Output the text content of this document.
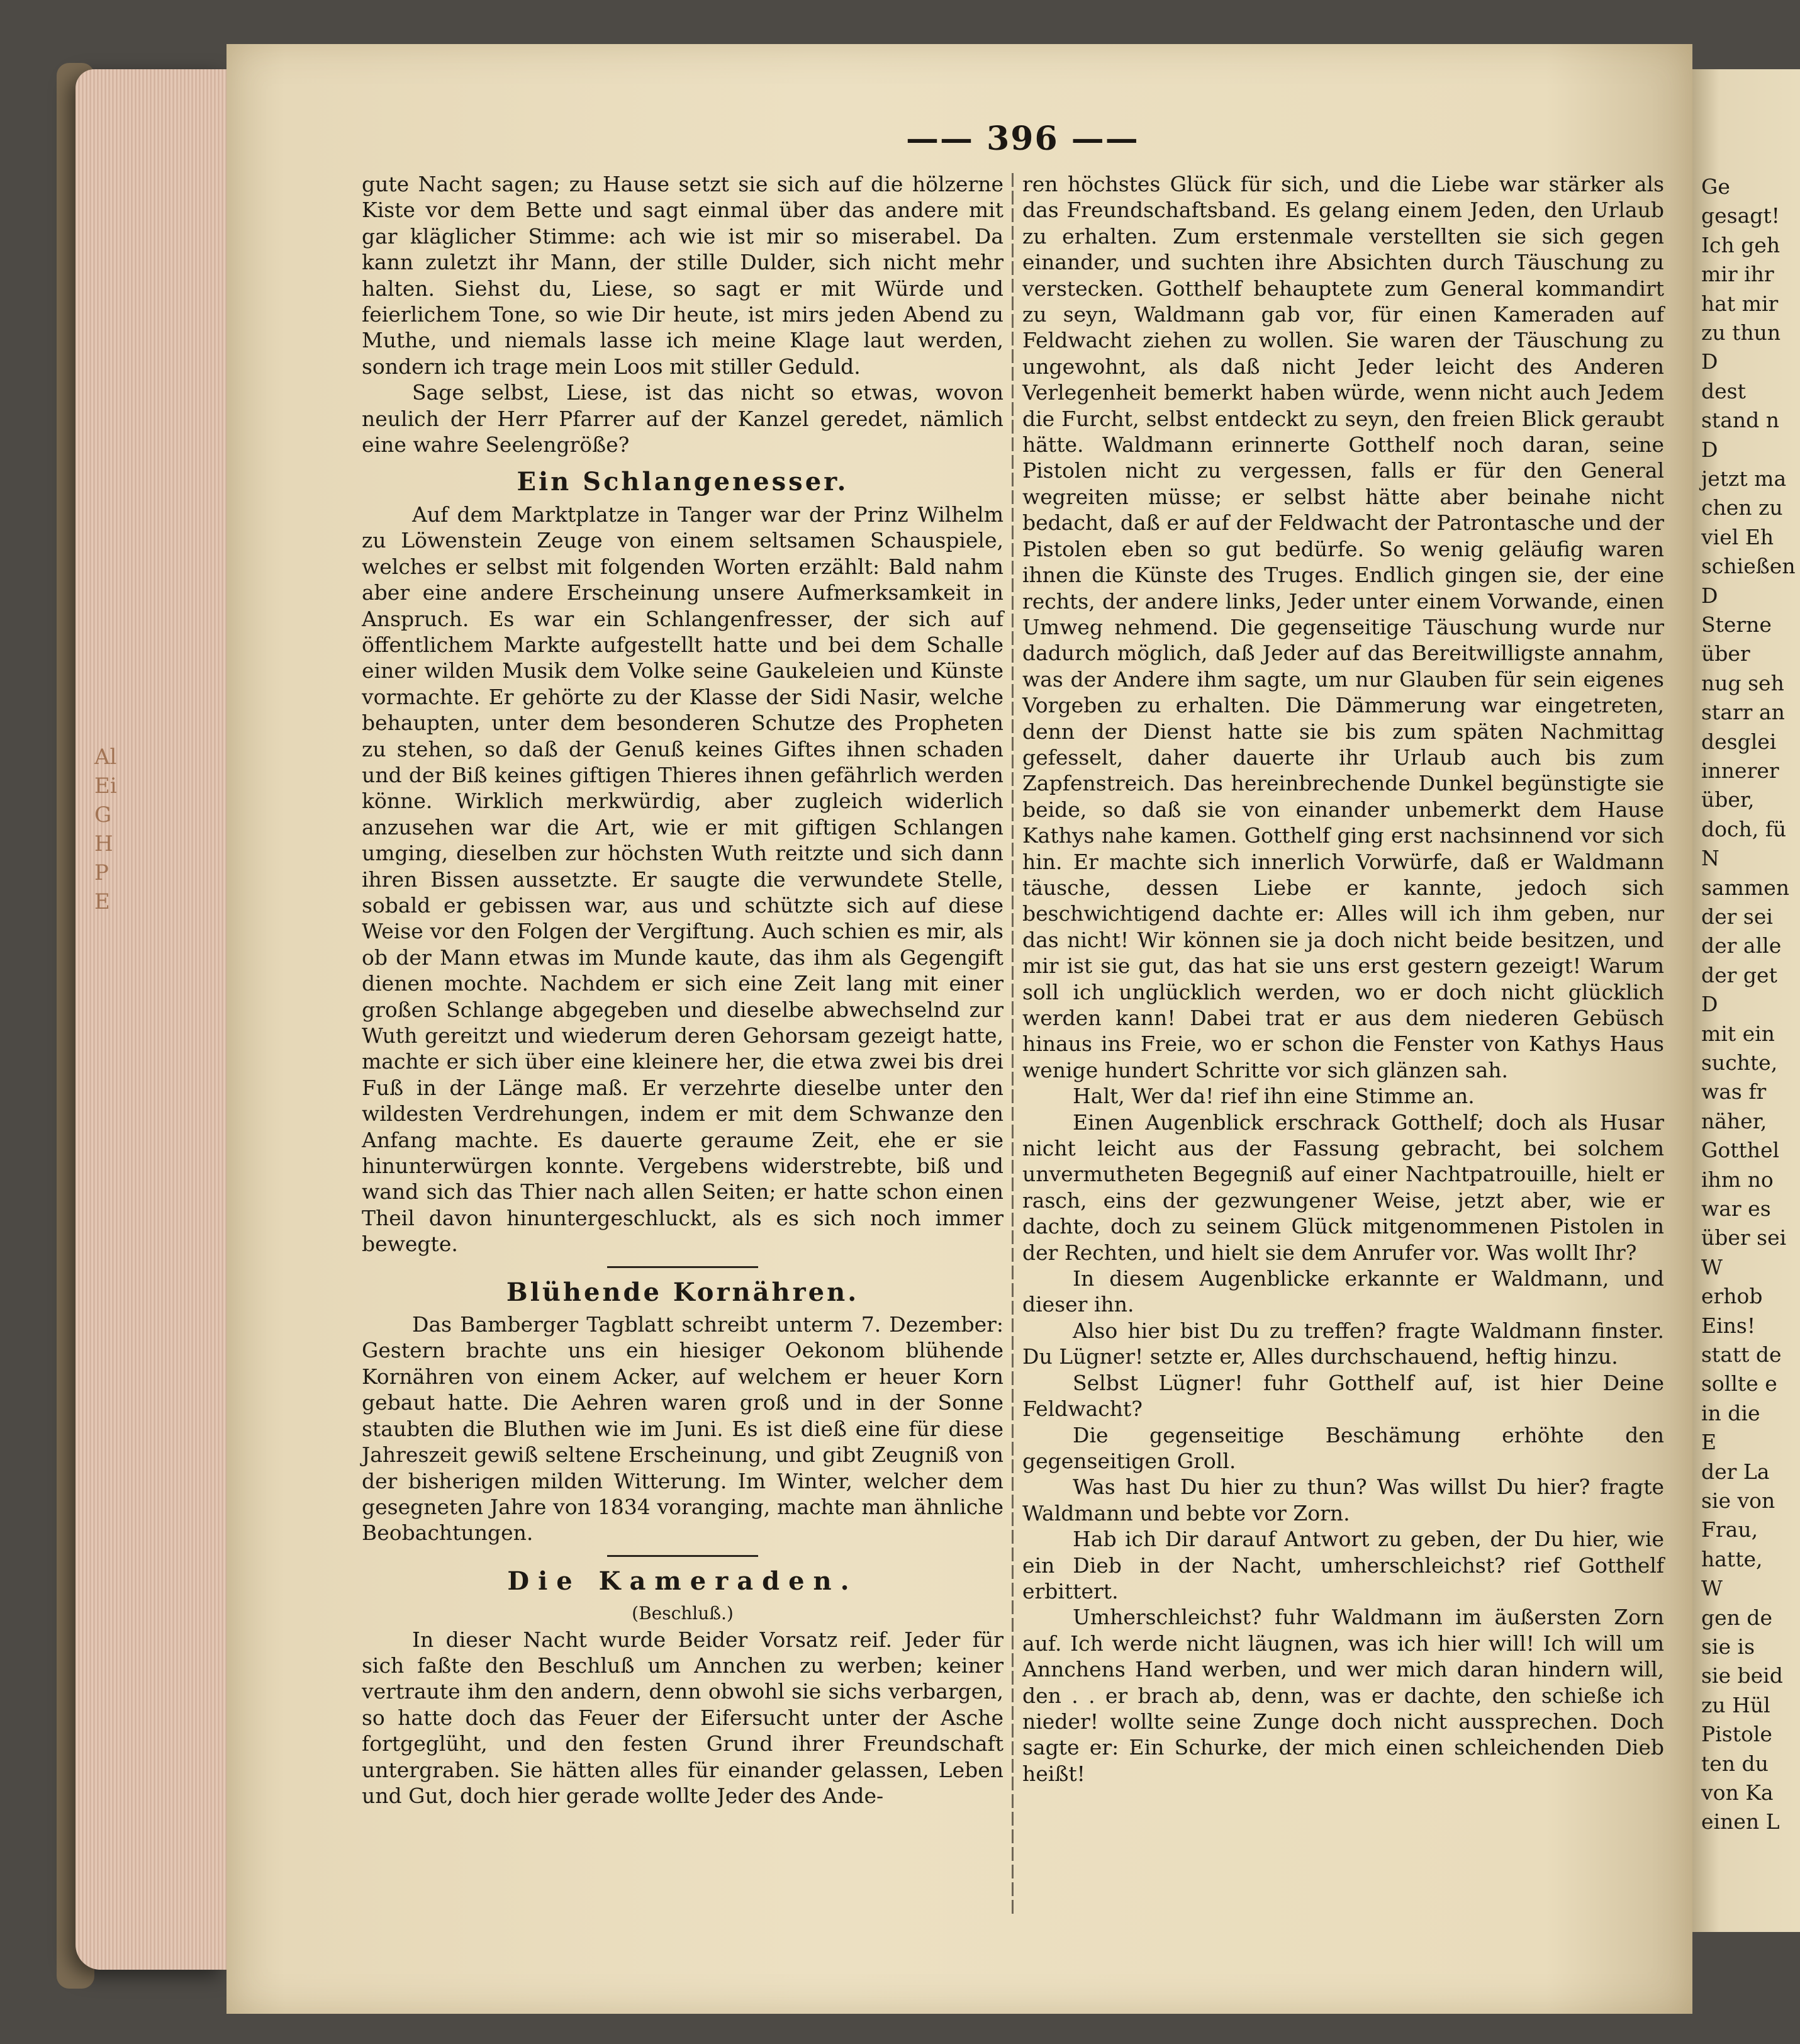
Al
Ei
G
H
P
E
Ge
gesagt!
Ich geh
mir ihr
hat mir
zu thun
D
dest
stand n
D
jetzt ma
chen zu
viel Eh
schießen
D
Sterne
über
nug seh
starr an
desglei
innerer
über,
doch, fü
N
sammen
der sei
der alle
der get
D
mit ein
suchte,
was fr
näher,
Gotthel
ihm no
war es
über sei
W
erhob
Eins!
statt de
sollte e
in die
E
der La
sie von
Frau,
hatte,
W
gen de
sie is
sie beid
zu Hül
Pistole
ten du
von Ka
einen L
—— 396 ——

gute Nacht sagen; zu Hause setzt sie sich auf die hölzerne Kiste vor dem Bette und sagt einmal über das andere mit gar kläglicher Stimme: ach wie ist mir so miserabel. Da kann zuletzt ihr Mann, der stille Dulder, sich nicht mehr halten. Siehst du, Liese, so sagt er mit Würde und feierlichem Tone, so wie Dir heute, ist mirs jeden Abend zu Muthe, und niemals lasse ich meine Klage laut werden, sondern ich trage mein Loos mit stiller Geduld.

Sage selbst, Liese, ist das nicht so etwas, wovon neulich der Herr Pfarrer auf der Kanzel geredet, nämlich eine wahre Seelengröße?

Ein Schlangenesser.

Auf dem Marktplatze in Tanger war der Prinz Wilhelm zu Löwenstein Zeuge von einem seltsamen Schauspiele, welches er selbst mit folgenden Worten erzählt: Bald nahm aber eine andere Erscheinung unsere Aufmerksamkeit in Anspruch. Es war ein Schlangenfresser, der sich auf öffentlichem Markte aufgestellt hatte und bei dem Schalle einer wilden Musik dem Volke seine Gaukeleien und Künste vormachte. Er gehörte zu der Klasse der Sidi Nasir, welche behaupten, unter dem besonderen Schutze des Propheten zu stehen, so daß der Genuß keines Giftes ihnen schaden und der Biß keines giftigen Thieres ihnen gefährlich werden könne. Wirklich merkwürdig, aber zugleich widerlich anzusehen war die Art, wie er mit giftigen Schlangen umging, dieselben zur höchsten Wuth reitzte und sich dann ihren Bissen aussetzte. Er saugte die verwundete Stelle, sobald er gebissen war, aus und schützte sich auf diese Weise vor den Folgen der Vergiftung. Auch schien es mir, als ob der Mann etwas im Munde kaute, das ihm als Gegengift dienen mochte. Nachdem er sich eine Zeit lang mit einer großen Schlange abgegeben und dieselbe abwechselnd zur Wuth gereitzt und wiederum deren Gehorsam gezeigt hatte, machte er sich über eine kleinere her, die etwa zwei bis drei Fuß in der Länge maß. Er verzehrte dieselbe unter den wildesten Verdrehungen, indem er mit dem Schwanze den Anfang machte. Es dauerte geraume Zeit, ehe er sie hinunterwürgen konnte. Vergebens widerstrebte, biß und wand sich das Thier nach allen Seiten; er hatte schon einen Theil davon hinuntergeschluckt, als es sich noch immer bewegte.

Blühende Kornähren.

Das Bamberger Tagblatt schreibt unterm 7. Dezember: Gestern brachte uns ein hiesiger Oekonom blühende Kornähren von einem Acker, auf welchem er heuer Korn gebaut hatte. Die Aehren waren groß und in der Sonne staubten die Bluthen wie im Juni. Es ist dieß eine für diese Jahreszeit gewiß seltene Erscheinung, und gibt Zeugniß von der bisherigen milden Witterung. Im Winter, welcher dem gesegneten Jahre von 1834 voranging, machte man ähnliche Beobachtungen.

Die Kameraden.

(Beschluß.)

In dieser Nacht wurde Beider Vorsatz reif. Jeder für sich faßte den Beschluß um Annchen zu werben; keiner vertraute ihm den andern, denn obwohl sie sichs verbargen, so hatte doch das Feuer der Eifersucht unter der Asche fortgeglüht, und den festen Grund ihrer Freundschaft untergraben. Sie hätten alles für einander gelassen, Leben und Gut, doch hier gerade wollte Jeder des Ande-

ren höchstes Glück für sich, und die Liebe war stärker als das Freundschaftsband. Es gelang einem Jeden, den Urlaub zu erhalten. Zum erstenmale verstellten sie sich gegen einander, und suchten ihre Absichten durch Täuschung zu verstecken. Gotthelf behauptete zum General kommandirt zu seyn, Waldmann gab vor, für einen Kameraden auf Feldwacht ziehen zu wollen. Sie waren der Täuschung zu ungewohnt, als daß nicht Jeder leicht des Anderen Verlegenheit bemerkt haben würde, wenn nicht auch Jedem die Furcht, selbst entdeckt zu seyn, den freien Blick geraubt hätte. Waldmann erinnerte Gotthelf noch daran, seine Pistolen nicht zu vergessen, falls er für den General wegreiten müsse; er selbst hätte aber beinahe nicht bedacht, daß er auf der Feldwacht der Patrontasche und der Pistolen eben so gut bedürfe. So wenig geläufig waren ihnen die Künste des Truges. Endlich gingen sie, der eine rechts, der andere links, Jeder unter einem Vorwande, einen Umweg nehmend. Die gegenseitige Täuschung wurde nur dadurch möglich, daß Jeder auf das Bereitwilligste annahm, was der Andere ihm sagte, um nur Glauben für sein eigenes Vorgeben zu erhalten. Die Dämmerung war eingetreten, denn der Dienst hatte sie bis zum späten Nachmittag gefesselt, daher dauerte ihr Urlaub auch bis zum Zapfenstreich. Das hereinbrechende Dunkel begünstigte sie beide, so daß sie von einander unbemerkt dem Hause Kathys nahe kamen. Gotthelf ging erst nachsinnend vor sich hin. Er machte sich innerlich Vorwürfe, daß er Waldmann täusche, dessen Liebe er kannte, jedoch sich beschwichtigend dachte er: Alles will ich ihm geben, nur das nicht! Wir können sie ja doch nicht beide besitzen, und mir ist sie gut, das hat sie uns erst gestern gezeigt! Warum soll ich unglücklich werden, wo er doch nicht glücklich werden kann! Dabei trat er aus dem niederen Gebüsch hinaus ins Freie, wo er schon die Fenster von Kathys Haus wenige hundert Schritte vor sich glänzen sah.

Halt, Wer da! rief ihn eine Stimme an.

Einen Augenblick erschrack Gotthelf; doch als Husar nicht leicht aus der Fassung gebracht, bei solchem unvermutheten Begegniß auf einer Nachtpatrouille, hielt er rasch, eins der gezwungener Weise, jetzt aber, wie er dachte, doch zu seinem Glück mitgenommenen Pistolen in der Rechten, und hielt sie dem Anrufer vor. Was wollt Ihr?

In diesem Augenblicke erkannte er Waldmann, und dieser ihn.

Also hier bist Du zu treffen? fragte Waldmann finster. Du Lügner! setzte er, Alles durchschauend, heftig hinzu.

Selbst Lügner! fuhr Gotthelf auf, ist hier Deine Feldwacht?

Die gegenseitige Beschämung erhöhte den gegenseitigen Groll.

Was hast Du hier zu thun? Was willst Du hier? fragte Waldmann und bebte vor Zorn.

Hab ich Dir darauf Antwort zu geben, der Du hier, wie ein Dieb in der Nacht, umherschleichst? rief Gotthelf erbittert.

Umherschleichst? fuhr Waldmann im äußersten Zorn auf. Ich werde nicht läugnen, was ich hier will! Ich will um Annchens Hand werben, und wer mich daran hindern will, den . . er brach ab, denn, was er dachte, den schieße ich nieder! wollte seine Zunge doch nicht aussprechen. Doch sagte er: Ein Schurke, der mich einen schleichenden Dieb heißt!
